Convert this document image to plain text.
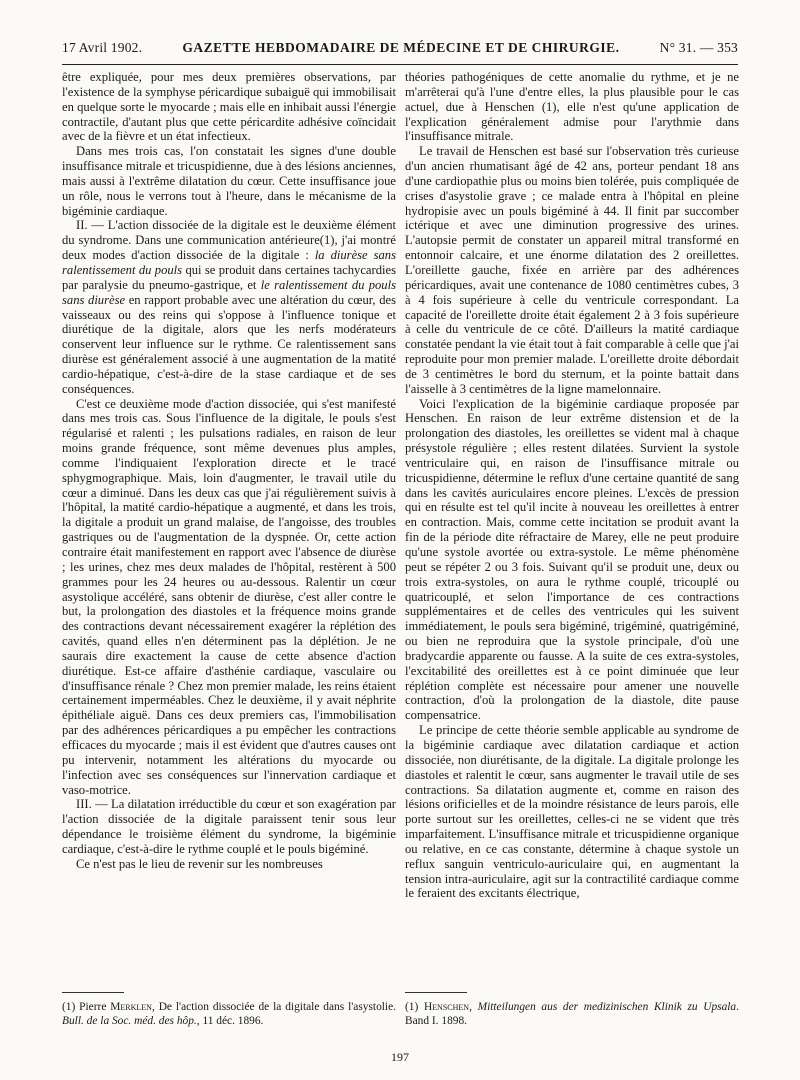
17 Avril 1902.	GAZETTE HEBDOMADAIRE DE MÉDECINE ET DE CHIRURGIE.	N° 31. — 353

être expliquée, pour mes deux premières observations, par l'existence de la symphyse péricardique subaiguë qui immobilisait en quelque sorte le myocarde ; mais elle en inhibait aussi l'énergie contractile, d'autant plus que cette péricardite adhésive coïncidait avec de la fièvre et un état infectieux.

Dans mes trois cas, l'on constatait les signes d'une double insuffisance mitrale et tricuspidienne, due à des lésions anciennes, mais aussi à l'extrême dilatation du cœur. Cette insuffisance joue un rôle, nous le verrons tout à l'heure, dans le mécanisme de la bigéminie cardiaque.

II. — L'action dissociée de la digitale est le deuxième élément du syndrome. Dans une communication antérieure(1), j'ai montré deux modes d'action dissociée de la digitale : la diurèse sans ralentissement du pouls qui se produit dans certaines tachycardies par paralysie du pneumo-gastrique, et le ralentissement du pouls sans diurèse en rapport probable avec une altération du cœur, des vaisseaux ou des reins qui s'oppose à l'influence tonique et diurétique de la digitale, alors que les nerfs modérateurs conservent leur influence sur le rythme. Ce ralentissement sans diurèse est généralement associé à une augmentation de la matité cardio-hépatique, c'est-à-dire de la stase cardiaque et de ses conséquences.

C'est ce deuxième mode d'action dissociée, qui s'est manifesté dans mes trois cas. Sous l'influence de la digitale, le pouls s'est régularisé et ralenti ; les pulsations radiales, en raison de leur moins grande fréquence, sont même devenues plus amples, comme l'indiquaient l'exploration directe et le tracé sphygmographique. Mais, loin d'augmenter, le travail utile du cœur a diminué. Dans les deux cas que j'ai régulièrement suivis à l'hôpital, la matité cardio-hépatique a augmenté, et dans les trois, la digitale a produit un grand malaise, de l'angoisse, des troubles gastriques ou de l'augmentation de la dyspnée. Or, cette action contraire était manifestement en rapport avec l'absence de diurèse ; les urines, chez mes deux malades de l'hôpital, restèrent à 500 grammes pour les 24 heures ou au-dessous. Ralentir un cœur asystolique accéléré, sans obtenir de diurèse, c'est aller contre le but, la prolongation des diastoles et la fréquence moins grande des contractions devant nécessairement exagérer la réplétion des cavités, quand elles n'en déterminent pas la déplétion. Je ne saurais dire exactement la cause de cette absence d'action diurétique. Est-ce affaire d'asthénie cardiaque, vasculaire ou d'insuffisance rénale ? Chez mon premier malade, les reins étaient certainement imperméables. Chez le deuxième, il y avait néphrite épithéliale aiguë. Dans ces deux premiers cas, l'immobilisation par des adhérences péricardiques a pu empêcher les contractions efficaces du myocarde ; mais il est évident que d'autres causes ont pu intervenir, notamment les altérations du myocarde ou l'infection avec ses conséquences sur l'innervation cardiaque et vaso-motrice.

III. — La dilatation irréductible du cœur et son exagération par l'action dissociée de la digitale paraissent tenir sous leur dépendance le troisième élément du syndrome, la bigéminie cardiaque, c'est-à-dire le rythme couplé et le pouls bigéminé.

Ce n'est pas le lieu de revenir sur les nombreuses

théories pathogéniques de cette anomalie du rythme, et je ne m'arrêterai qu'à l'une d'entre elles, la plus plausible pour le cas actuel, due à Henschen (1), elle n'est qu'une application de l'explication généralement admise pour l'arythmie dans l'insuffisance mitrale.

Le travail de Henschen est basé sur l'observation très curieuse d'un ancien rhumatisant âgé de 42 ans, porteur pendant 18 ans d'une cardiopathie plus ou moins bien tolérée, puis compliquée de crises d'asystolie grave ; ce malade entra à l'hôpital en pleine hydropisie avec un pouls bigéminé à 44. Il finit par succomber ictérique et avec une diminution progressive des urines. L'autopsie permit de constater un appareil mitral transformé en entonnoir calcaire, et une énorme dilatation des 2 oreillettes. L'oreillette gauche, fixée en arrière par des adhérences péricardiques, avait une contenance de 1080 centimètres cubes, 3 à 4 fois supérieure à celle du ventricule correspondant. La capacité de l'oreillette droite était également 2 à 3 fois supérieure à celle du ventricule de ce côté. D'ailleurs la matité cardiaque constatée pendant la vie était tout à fait comparable à celle que j'ai reproduite pour mon premier malade. L'oreillette droite débordait de 3 centimètres le bord du sternum, et la pointe battait dans l'aisselle à 3 centimètres de la ligne mamelonnaire.

Voici l'explication de la bigéminie cardiaque proposée par Henschen. En raison de leur extrême distension et de la prolongation des diastoles, les oreillettes se vident mal à chaque présystole régulière ; elles restent dilatées. Survient la systole ventriculaire qui, en raison de l'insuffisance mitrale ou tricuspidienne, détermine le reflux d'une certaine quantité de sang dans les cavités auriculaires encore pleines. L'excès de pression qui en résulte est tel qu'il incite à nouveau les oreillettes à entrer en contraction. Mais, comme cette incitation se produit avant la fin de la période dite réfractaire de Marey, elle ne peut produire qu'une systole avortée ou extra-systole. Le même phénomène peut se répéter 2 ou 3 fois. Suivant qu'il se produit une, deux ou trois extra-systoles, on aura le rythme couplé, tricouplé ou quatricouplé, et selon l'importance de ces contractions supplémentaires et de celles des ventricules qui les suivent immédiatement, le pouls sera bigéminé, trigéminé, quatrigéminé, ou bien ne reproduira que la systole principale, d'où une bradycardie apparente ou fausse. A la suite de ces extra-systoles, l'excitabilité des oreillettes est à ce point diminuée que leur réplétion complète est nécessaire pour amener une nouvelle contraction, d'où la prolongation de la diastole, dite pause compensatrice.

Le principe de cette théorie semble applicable au syndrome de la bigéminie cardiaque avec dilatation cardiaque et action dissociée, non diurétisante, de la digitale. La digitale prolonge les diastoles et ralentit le cœur, sans augmenter le travail utile de ses contractions. Sa dilatation augmente et, comme en raison des lésions orificielles et de la moindre résistance de leurs parois, elle porte surtout sur les oreillettes, celles-ci ne se vident que très imparfaitement. L'insuffisance mitrale et tricuspidienne organique ou relative, en ce cas constante, détermine à chaque systole un reflux sanguin ventriculo-auriculaire qui, en augmentant la tension intra-auriculaire, agit sur la contractilité cardiaque comme le feraient des excitants électrique,

(1) Pierre Merklen, De l'action dissociée de la digitale dans l'asystolie. Bull. de la Soc. méd. des hôp., 11 déc. 1896.
(1) Henschen, Mitteilungen aus der medizinischen Klinik zu Upsala. Band I. 1898.
197
